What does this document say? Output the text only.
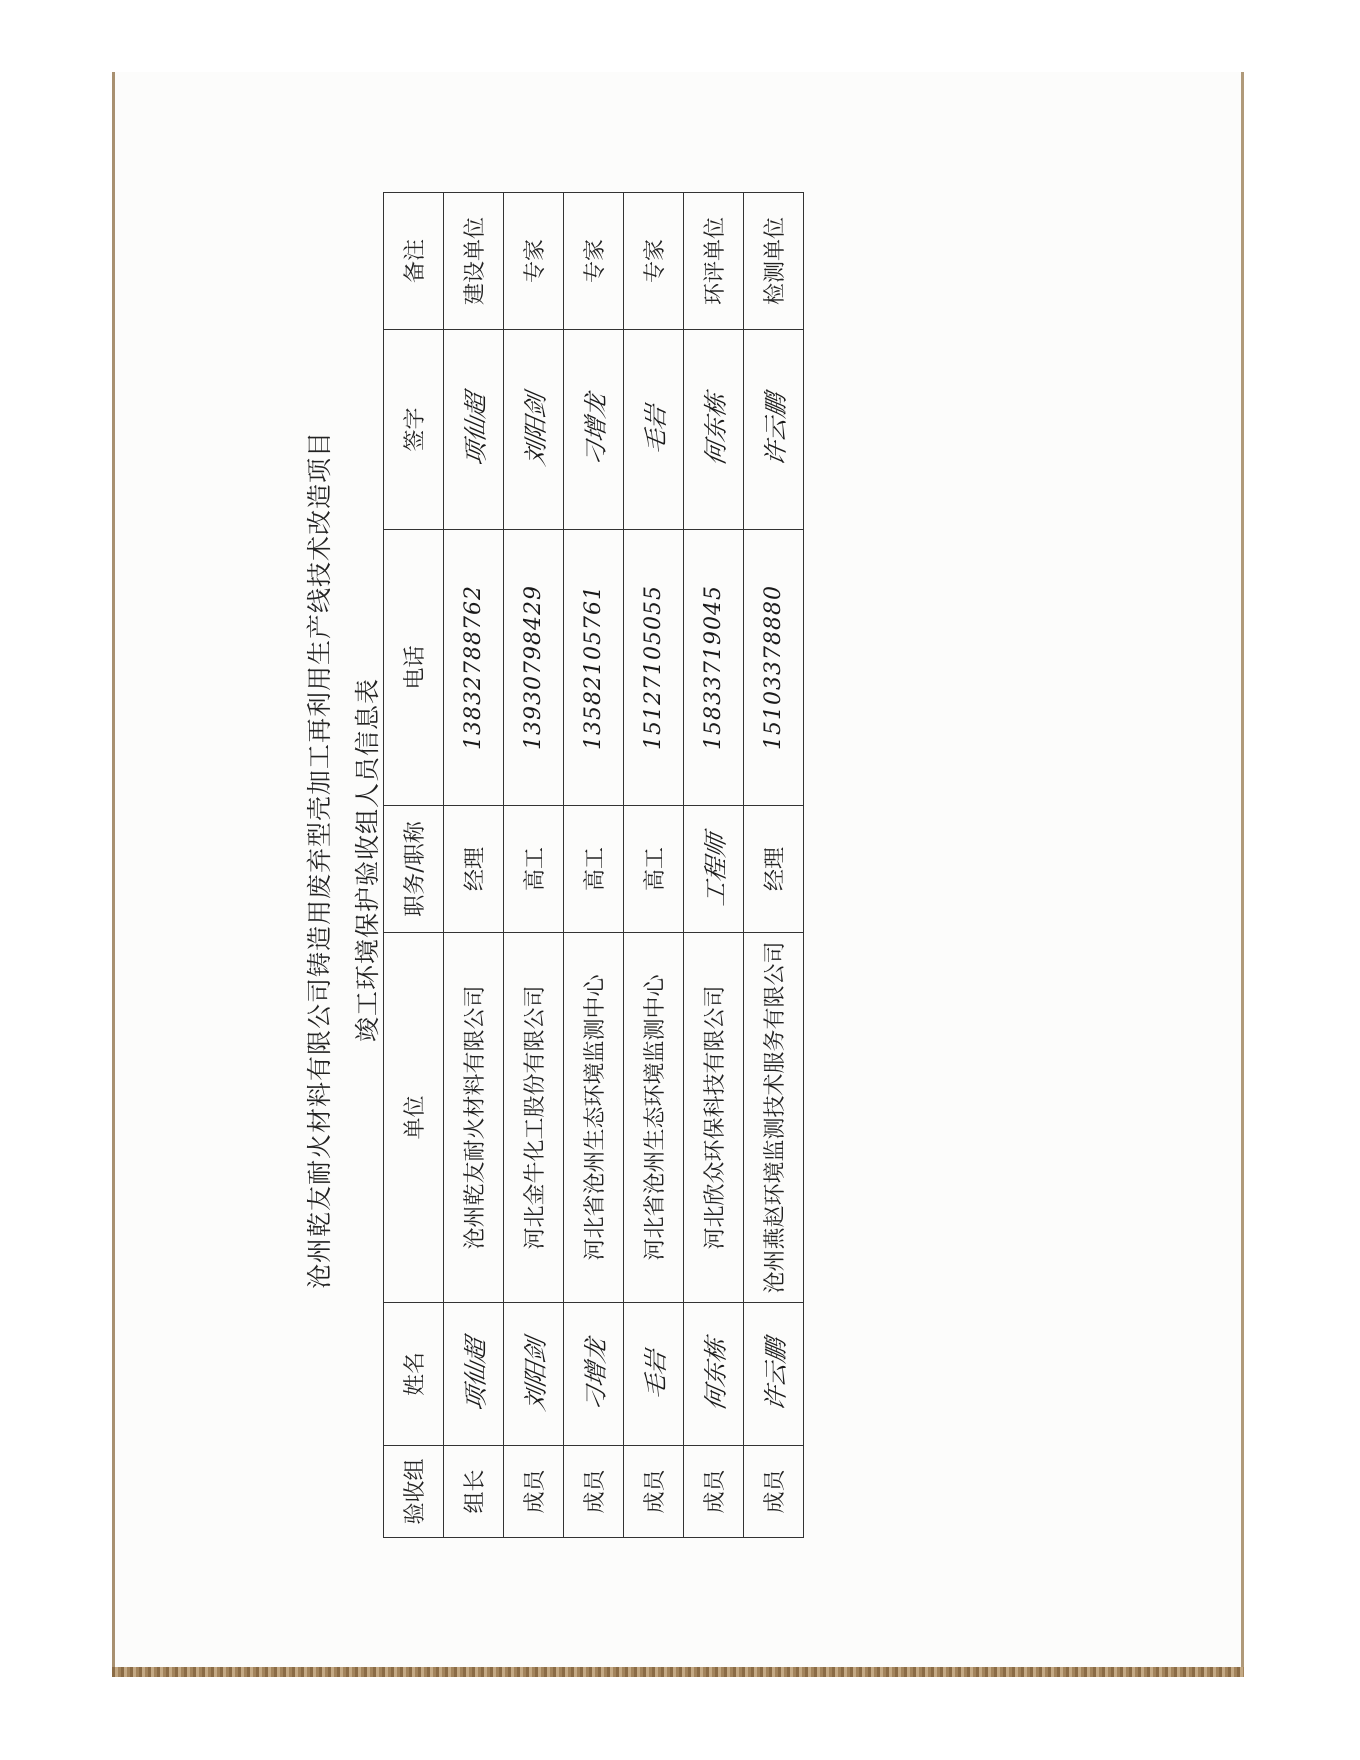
沧州乾友耐火材料有限公司铸造用废弃型壳加工再利用生产线技术改造项目 竣工环境保护验收组人员信息表
验收组	姓名	单位	职务/职称	电话	签字	备注
组长	项仙超	沧州乾友耐火材料有限公司	经理	13832788762	项仙超	建设单位
成员	刘阳剑	河北金牛化工股份有限公司	高工	13930798429	刘阳剑	专家
成员	刁增龙	河北省沧州生态环境监测中心	高工	13582105761	刁增龙	专家
成员	毛岩	河北省沧州生态环境监测中心	高工	15127105055	毛岩	专家
成员	何东栋	河北欣众环保科技有限公司	工程师	15833719045	何东栋	环评单位
成员	许云鹏	沧州燕赵环境监测技术服务有限公司	经理	15103378880	许云鹏	检测单位
